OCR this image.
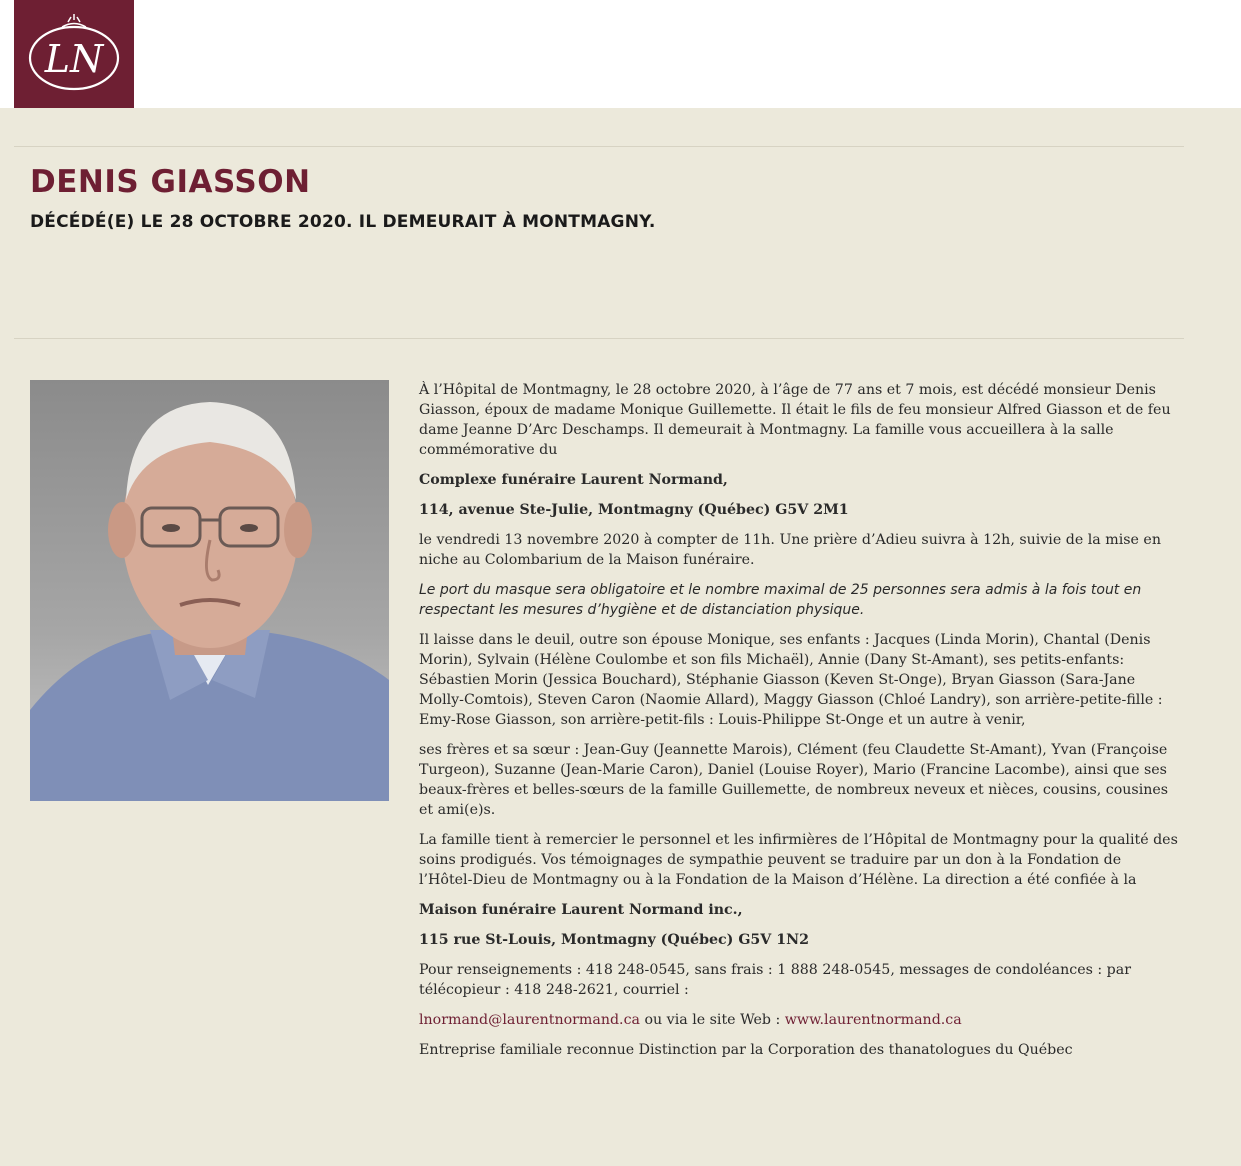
LN
DENIS GIASSON
DÉCÉDÉ(E) LE 28 OCTOBRE 2020. IL DEMEURAIT À MONTMAGNY.

À l’Hôpital de Montmagny, le 28 octobre 2020, à l’âge de 77 ans et 7 mois, est décédé monsieur Denis Giasson, époux de madame Monique Guillemette. Il était le fils de feu monsieur Alfred Giasson et de feu dame Jeanne D’Arc Deschamps. Il demeurait à Montmagny. La famille vous accueillera à la salle commémorative du

Complexe funéraire Laurent Normand,

114, avenue Ste-Julie, Montmagny (Québec) G5V 2M1

le vendredi 13 novembre 2020 à compter de 11h. Une prière d’Adieu suivra à 12h, suivie de la mise en niche au Colombarium de la Maison funéraire.

Le port du masque sera obligatoire et le nombre maximal de 25 personnes sera admis à la fois tout en respectant les mesures d’hygiène et de distanciation physique.

Il laisse dans le deuil, outre son épouse Monique, ses enfants : Jacques (Linda Morin), Chantal (Denis Morin), Sylvain (Hélène Coulombe et son fils Michaël), Annie (Dany St-Amant), ses petits-enfants: Sébastien Morin (Jessica Bouchard), Stéphanie Giasson (Keven St-Onge), Bryan Giasson (Sara-Jane Molly-Comtois), Steven Caron (Naomie Allard), Maggy Giasson (Chloé Landry), son arrière-petite-fille : Emy-Rose Giasson, son arrière-petit-fils : Louis-Philippe St-Onge et un autre à venir,

ses frères et sa sœur : Jean-Guy (Jeannette Marois), Clément (feu Claudette St-Amant), Yvan (Françoise Turgeon), Suzanne (Jean-Marie Caron), Daniel (Louise Royer), Mario (Francine Lacombe), ainsi que ses beaux-frères et belles-sœurs de la famille Guillemette, de nombreux neveux et nièces, cousins, cousines et ami(e)s.

La famille tient à remercier le personnel et les infirmières de l’Hôpital de Montmagny pour la qualité des soins prodigués. Vos témoignages de sympathie peuvent se traduire par un don à la Fondation de l’Hôtel-Dieu de Montmagny ou à la Fondation de la Maison d’Hélène. La direction a été confiée à la

Maison funéraire Laurent Normand inc.,

115 rue St-Louis, Montmagny (Québec) G5V 1N2

Pour renseignements : 418 248-0545, sans frais : 1 888 248-0545, messages de condoléances : par télécopieur : 418 248-2621, courriel :

lnormand@laurentnormand.ca ou via le site Web : www.laurentnormand.ca

Entreprise familiale reconnue Distinction par la Corporation des thanatologues du Québec
